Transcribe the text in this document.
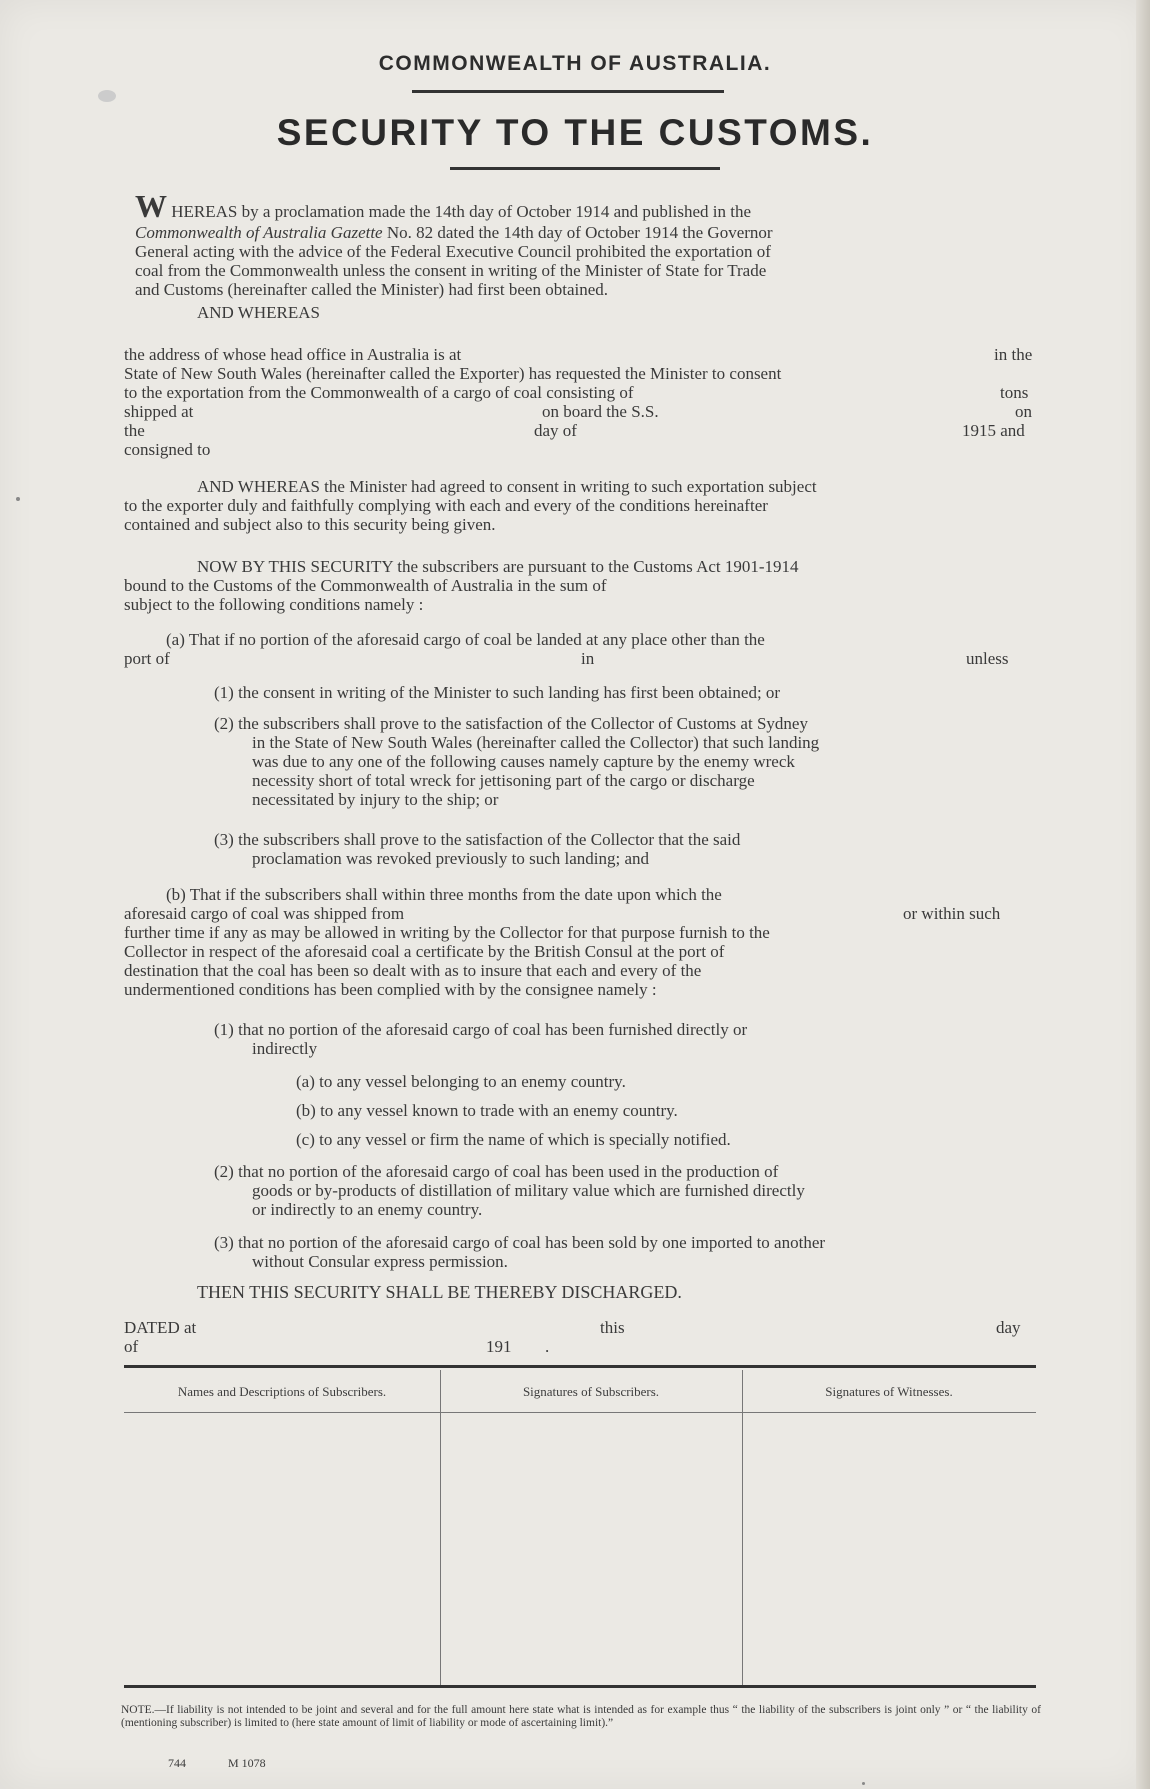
COMMONWEALTH OF AUSTRALIA.
SECURITY TO THE CUSTOMS.
W HEREAS by a proclamation made the 14th day of October 1914 and published in the
Commonwealth of Australia Gazette No. 82 dated the 14th day of October 1914 the Governor
General acting with the advice of the Federal Executive Council prohibited the exportation of
coal from the Commonwealth unless the consent in writing of the Minister of State for Trade
and Customs (hereinafter called the Minister) had first been obtained.
AND WHEREAS
the address of whose head office in Australia is at	in the
State of New South Wales (hereinafter called the Exporter) has requested the Minister to consent
to the exportation from the Commonwealth of a cargo of coal consisting of	tons
shipped at	on board the S.S.	on
the	day of	1915 and
consigned to
AND WHEREAS the Minister had agreed to consent in writing to such exportation subject
to the exporter duly and faithfully complying with each and every of the conditions hereinafter
contained and subject also to this security being given.
NOW BY THIS SECURITY the subscribers are pursuant to the Customs Act 1901-1914
bound to the Customs of the Commonwealth of Australia in the sum of
subject to the following conditions namely :
(a) That if no portion of the aforesaid cargo of coal be landed at any place other than the
port of	in	unless
(1) the consent in writing of the Minister to such landing has first been obtained; or
(2) the subscribers shall prove to the satisfaction of the Collector of Customs at Sydney
in the State of New South Wales (hereinafter called the Collector) that such landing
was due to any one of the following causes namely capture by the enemy wreck
necessity short of total wreck for jettisoning part of the cargo or discharge
necessitated by injury to the ship; or
(3) the subscribers shall prove to the satisfaction of the Collector that the said
proclamation was revoked previously to such landing; and
(b) That if the subscribers shall within three months from the date upon which the
aforesaid cargo of coal was shipped from	or within such
further time if any as may be allowed in writing by the Collector for that purpose furnish to the
Collector in respect of the aforesaid coal a certificate by the British Consul at the port of
destination that the coal has been so dealt with as to insure that each and every of the
undermentioned conditions has been complied with by the consignee namely :
(1) that no portion of the aforesaid cargo of coal has been furnished directly or
indirectly
(a) to any vessel belonging to an enemy country.
(b) to any vessel known to trade with an enemy country.
(c) to any vessel or firm the name of which is specially notified.
(2) that no portion of the aforesaid cargo of coal has been used in the production of
goods or by-products of distillation of military value which are furnished directly
or indirectly to an enemy country.
(3) that no portion of the aforesaid cargo of coal has been sold by one imported to another
without Consular express permission.
THEN THIS SECURITY SHALL BE THEREBY DISCHARGED.
DATED at	this	day
of	191 .
Names and Descriptions of Subscribers.	Signatures of Subscribers.	Signatures of Witnesses.
NOTE.—If liability is not intended to be joint and several and for the full amount here state what is intended as for example thus “ the liability of the subscribers is joint only ” or “ the liability of (mentioning subscriber) is limited to (here state amount of limit of liability or mode of ascertaining limit).”
744	M 1078
